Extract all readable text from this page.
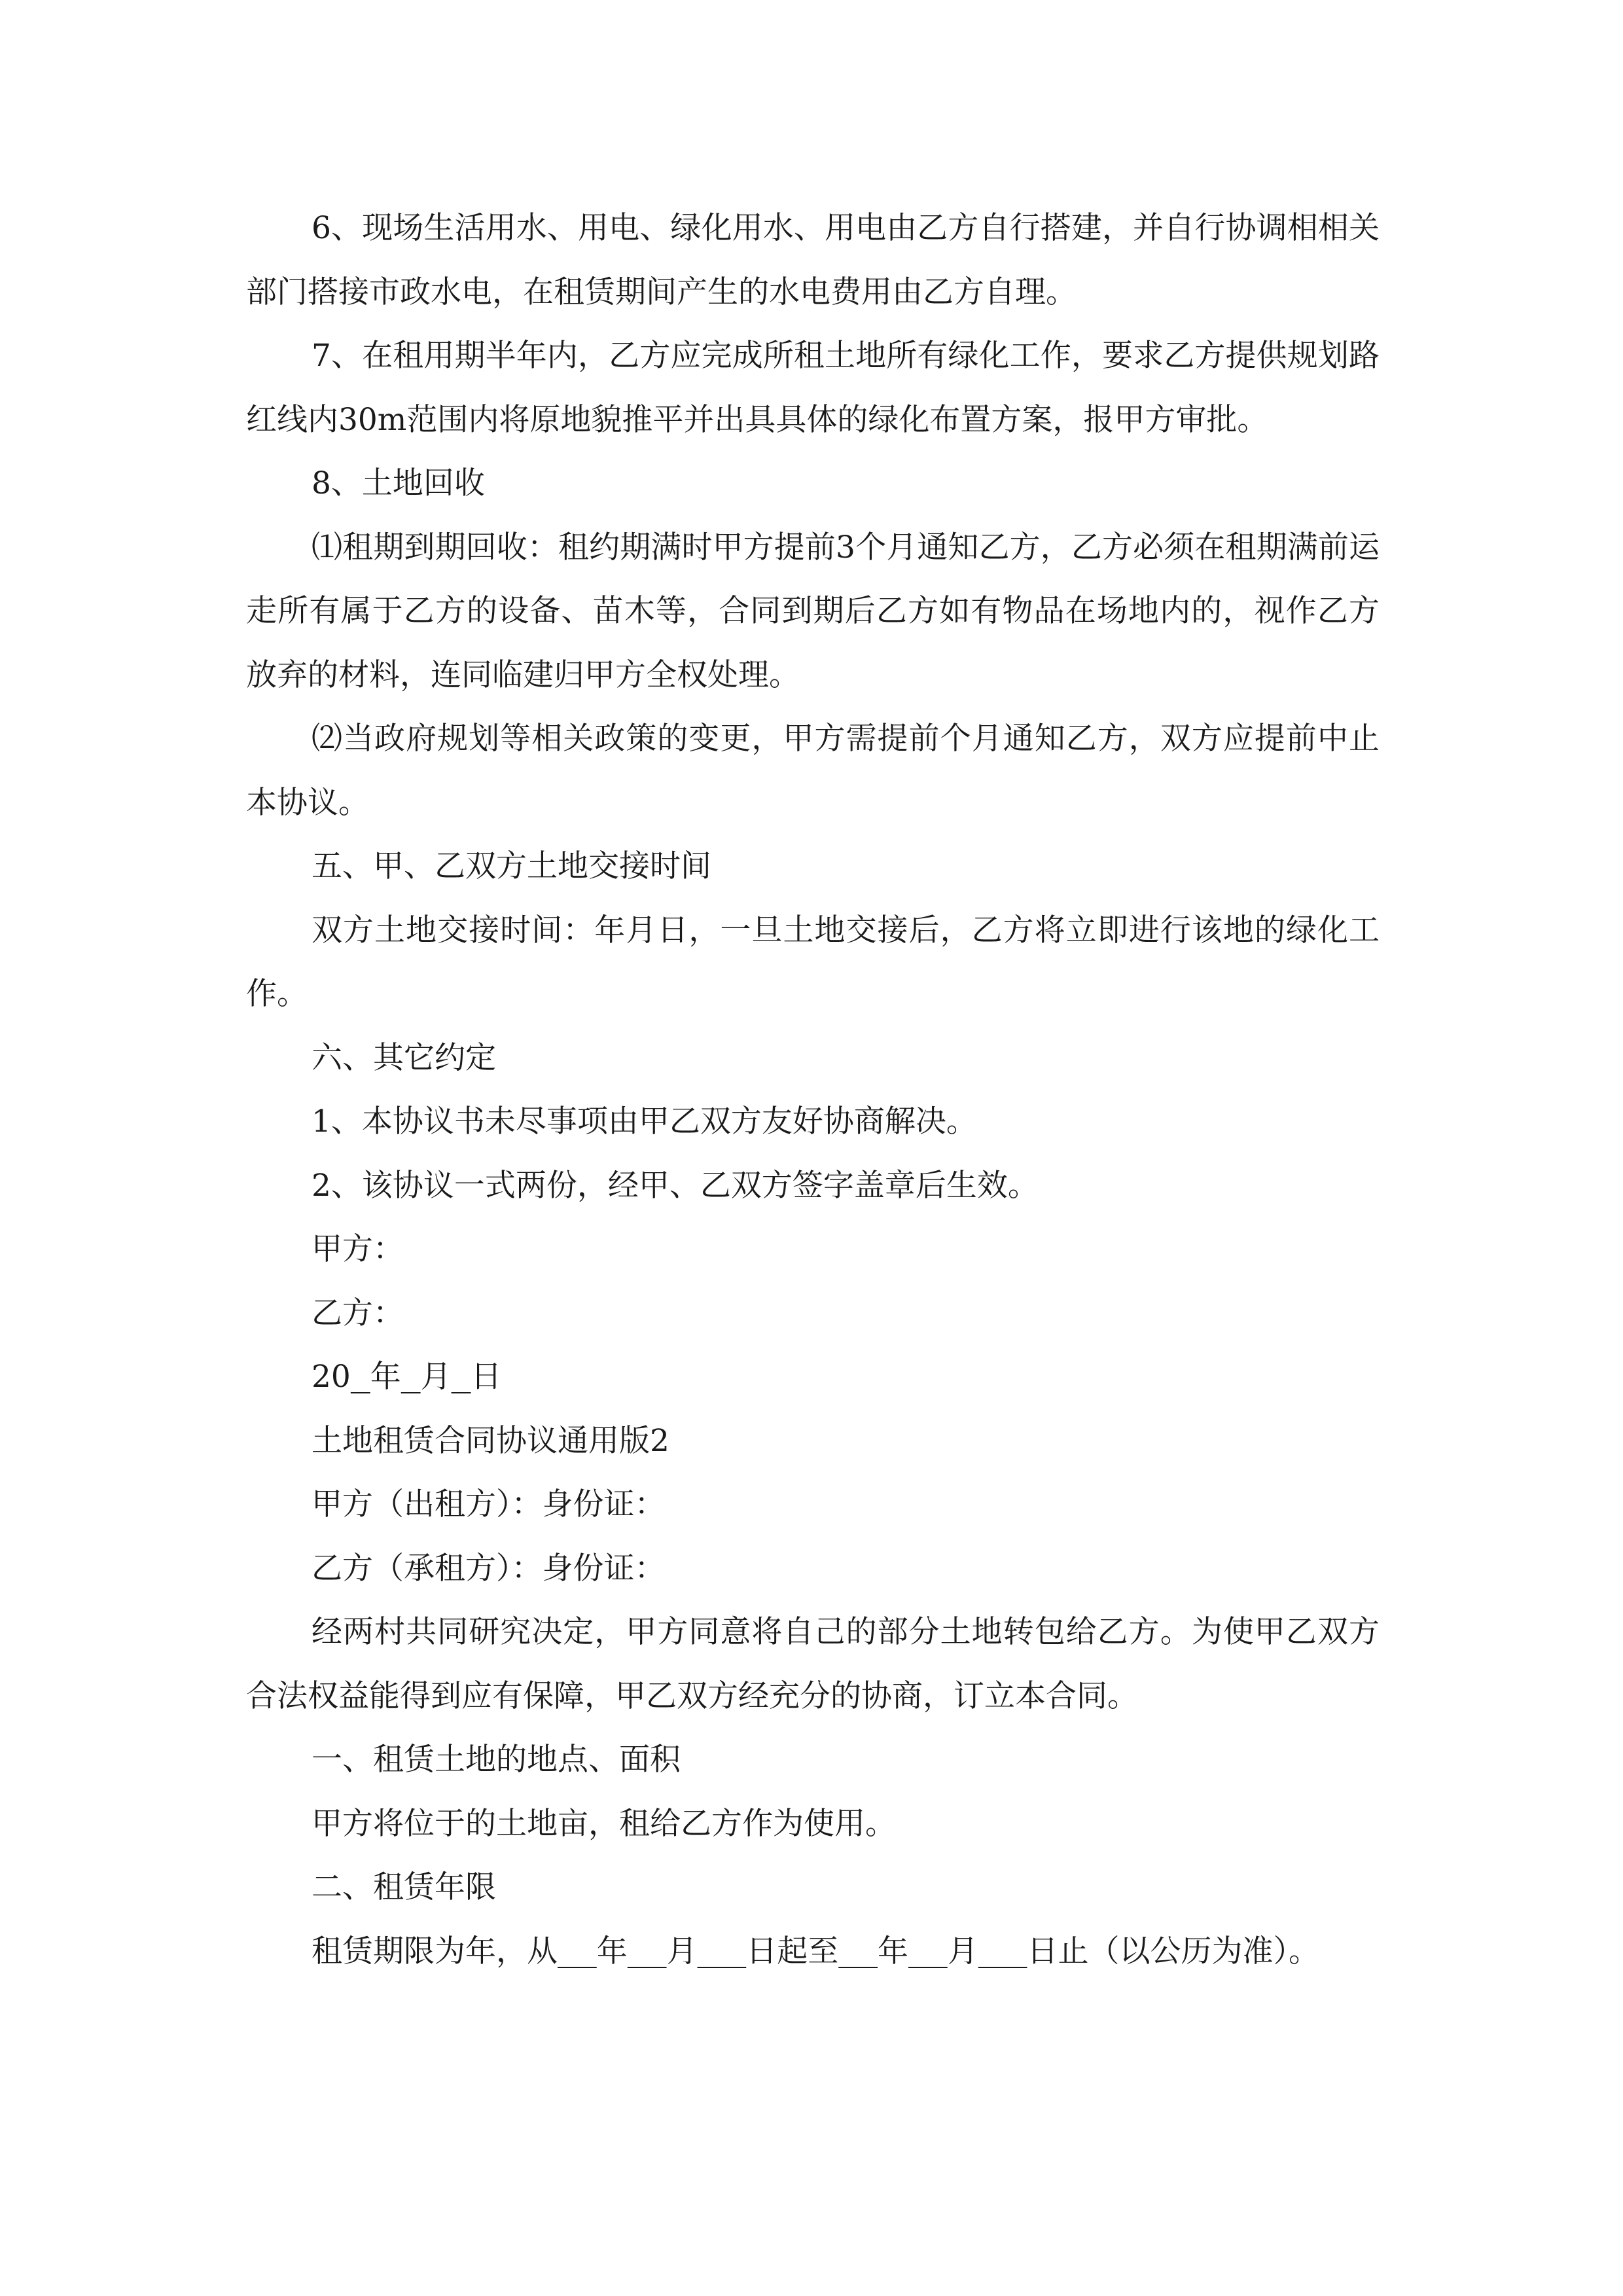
6、现场生活用水、用电、绿化用水、用电由乙方自行搭建，并自行协调相相关部门搭接市政水电，在租赁期间产生的水电费用由乙方自理。

7、在租用期半年内，乙方应完成所租土地所有绿化工作，要求乙方提供规划路红线内30m范围内将原地貌推平并出具具体的绿化布置方案，报甲方审批。

8、土地回收

⑴租期到期回收：租约期满时甲方提前3个月通知乙方，乙方必须在租期满前运走所有属于乙方的设备、苗木等，合同到期后乙方如有物品在场地内的，视作乙方放弃的材料，连同临建归甲方全权处理。

⑵当政府规划等相关政策的变更，甲方需提前个月通知乙方，双方应提前中止本协议。

五、甲、乙双方土地交接时间

双方土地交接时间：年月日，一旦土地交接后，乙方将立即进行该地的绿化工作。

六、其它约定

1、本协议书未尽事项由甲乙双方友好协商解决。

2、该协议一式两份，经甲、乙双方签字盖章后生效。

甲方：

乙方：

20 年 月 日

土地租赁合同协议通用版2

甲方（出租方）：身份证：

乙方（承租方）：身份证：

经两村共同研究决定，甲方同意将自己的部分土地转包给乙方。为使甲乙双方合法权益能得到应有保障，甲乙双方经充分的协商，订立本合同。

一、租赁土地的地点、面积

甲方将位于的土地亩，租给乙方作为使用。

二、租赁年限

租赁期限为年，从 年 月 日起至 年 月 日止（以公历为准）。
